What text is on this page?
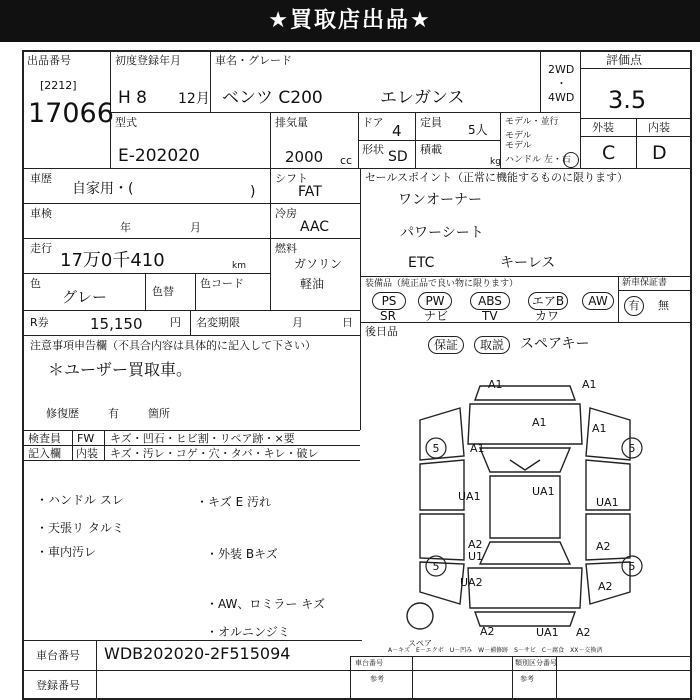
★買取店出品★
出品番号
[2212]
17066
初度登録年月
H 8 12月
車名・グレード
ベンツ C200	エレガンス
2WD
・
4WD
評価点
3.5
外装	内装
C D
型式
E-202020
排気量
2000 cc
ドア 4
形状 SD
定員
5人
積載
kg
モデル・並行
モデル
モデル
ハンドル 左・右
車歴
自家用・(	)
車検
年	月
走行
17万0千410	km
色
グレー	色替
色コード
R券	15,150	円 名変期限	月	日
シフト
FAT
冷房
AAC
燃料
ガソリン
軽油
セールスポイント（正常に機能するものに限ります）
ワンオーナー
パワーシート
ETC	キーレス
装備品（純正品で良い物に限ります）
PS	PW	ABS	エアB	AW
SR ナビ	TV	カワ
新車保証書
有	無
後日品
保証	取説	スペアキー
注意事項申告欄（不具合内容は具体的に記入して下さい）
＊ユーザー買取車。
修復歴	有	箇所
検査員
記入欄
FW キズ・凹石・ヒビ割・リペア跡・×要
内装 キズ・汚レ・コゲ・穴・タバ・キレ・破レ
・ハンドル スレ
・天張リ タルミ
・車内汚レ
・キズ E 汚れ
・外装 Bキズ
・AW、ロミラー キズ
・オルニンジミ
A1	A1
A1	A1
A1
UA1	UA1
UA1
A2
U1
A2
UA2	A2
A2	UA1 A2
5	5
5	5
スペア
A－キズ　E－エクボ　U－凹み　W－補修跡　S－サビ　C－腐食　XX－交換済
車台番号 WDB202020-2F515094
登録番号
車台番号
参考
類別区分番号
参考
